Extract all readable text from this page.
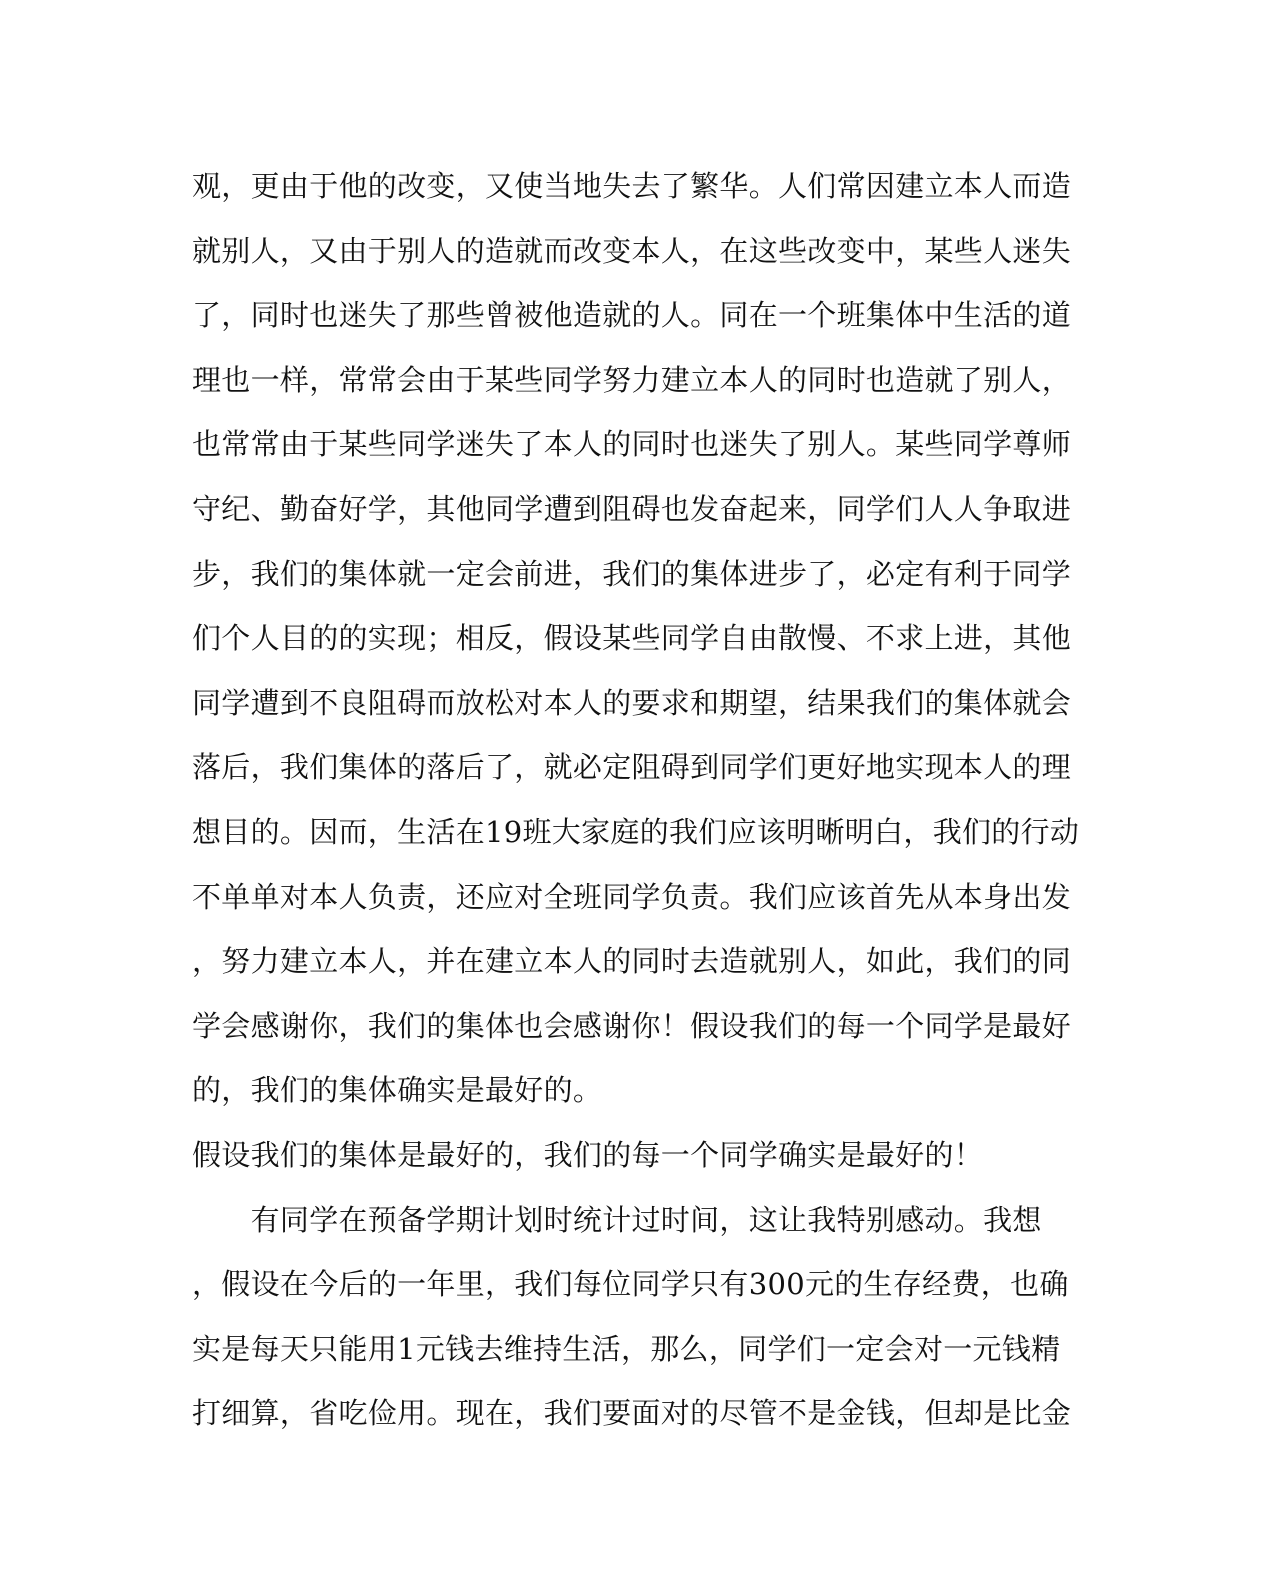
观，更由于他的改变，又使当地失去了繁华。人们常因建立本人而造
就别人，又由于别人的造就而改变本人，在这些改变中，某些人迷失
了，同时也迷失了那些曾被他造就的人。同在一个班集体中生活的道
理也一样，常常会由于某些同学努力建立本人的同时也造就了别人，
也常常由于某些同学迷失了本人的同时也迷失了别人。某些同学尊师
守纪、勤奋好学，其他同学遭到阻碍也发奋起来，同学们人人争取进
步，我们的集体就一定会前进，我们的集体进步了，必定有利于同学
们个人目的的实现；相反，假设某些同学自由散慢、不求上进，其他
同学遭到不良阻碍而放松对本人的要求和期望，结果我们的集体就会
落后，我们集体的落后了，就必定阻碍到同学们更好地实现本人的理
想目的。因而，生活在19班大家庭的我们应该明晰明白，我们的行动
不单单对本人负责，还应对全班同学负责。我们应该首先从本身出发
，努力建立本人，并在建立本人的同时去造就别人，如此，我们的同
学会感谢你，我们的集体也会感谢你！假设我们的每一个同学是最好
的，我们的集体确实是最好的。
假设我们的集体是最好的，我们的每一个同学确实是最好的！
　　有同学在预备学期计划时统计过时间，这让我特别感动。我想
，假设在今后的一年里，我们每位同学只有300元的生存经费，也确
实是每天只能用1元钱去维持生活，那么，同学们一定会对一元钱精
打细算，省吃俭用。现在，我们要面对的尽管不是金钱，但却是比金
